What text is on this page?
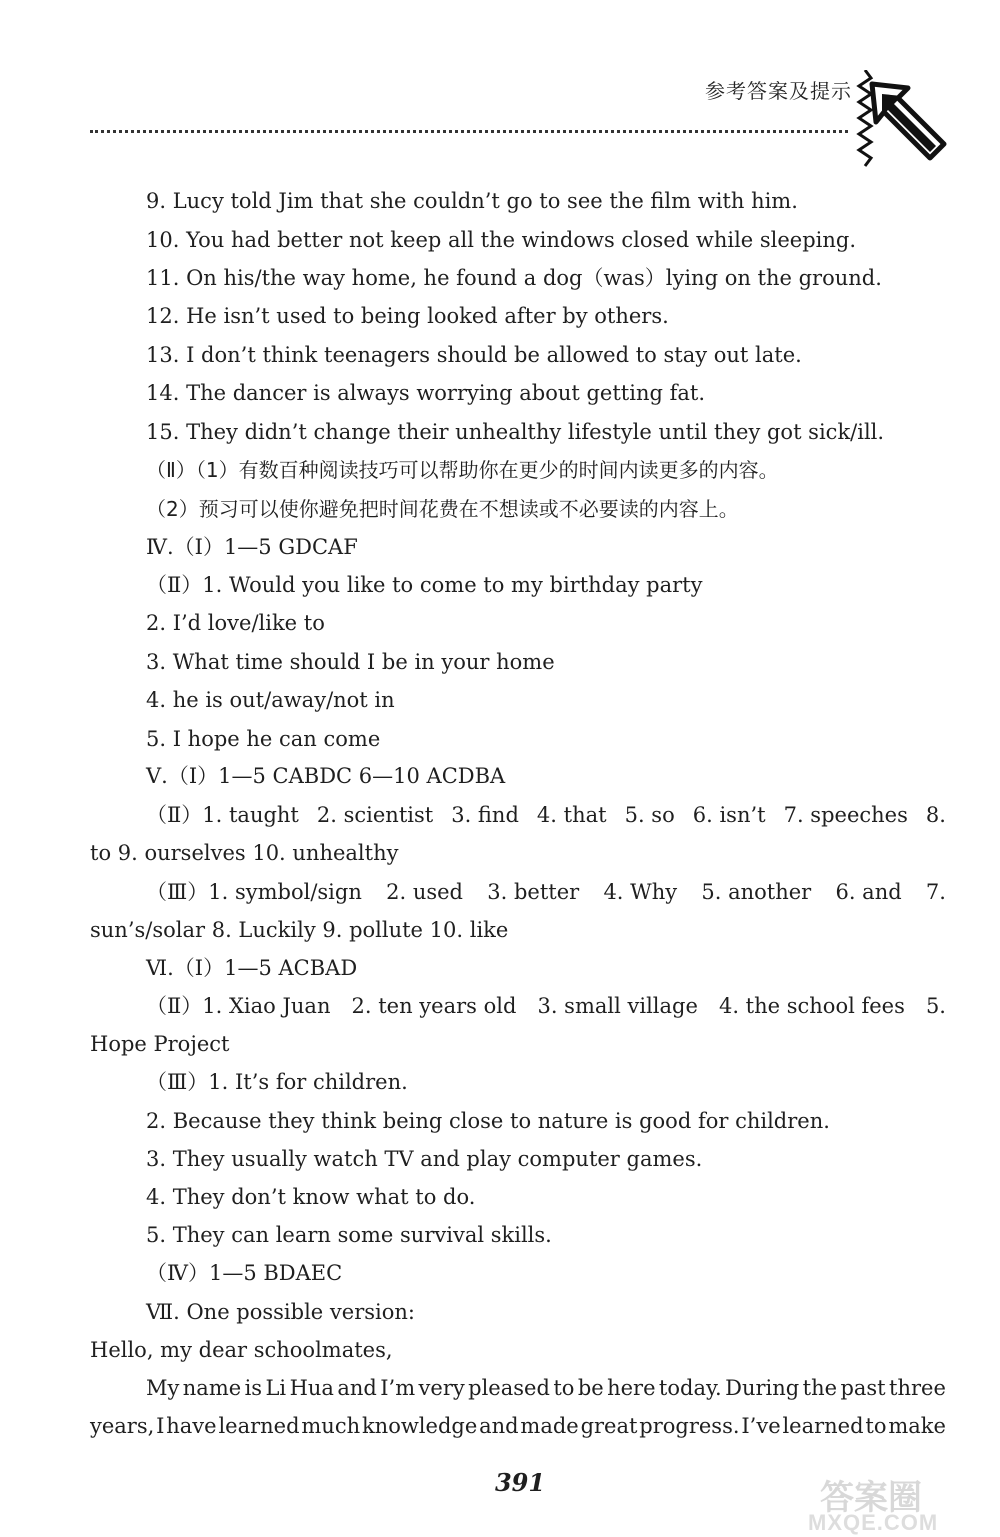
参考答案及提示
9. Lucy told Jim that she couldn’t go to see the film with him.
10. You had better not keep all the windows closed while sleeping.
11. On his/the way home, he found a dog（was）lying on the ground.
12. He isn’t used to being looked after by others.
13. I don’t think teenagers should be allowed to stay out late.
14. The dancer is always worrying about getting fat.
15. They didn’t change their unhealthy lifestyle until they got sick/ill.
（Ⅱ）（1）有数百种阅读技巧可以帮助你在更少的时间内读更多的内容。
（2）预习可以使你避免把时间花费在不想读或不必要读的内容上。
Ⅳ.（Ⅰ）1—5 GDCAF
（Ⅱ）1. Would you like to come to my birthday party
2. I’d love/like to
3. What time should I be in your home
4. he is out/away/not in
5. I hope he can come
Ⅴ.（Ⅰ）1—5 CABDC 6—10 ACDBA
（Ⅱ）1. taught 2. scientist 3. find 4. that 5. so 6. isn’t 7. speeches 8.
to 9. ourselves 10. unhealthy
（Ⅲ）1. symbol/sign 2. used 3. better 4. Why 5. another 6. and 7.
sun’s/solar 8. Luckily 9. pollute 10. like
Ⅵ.（Ⅰ）1—5 ACBAD
（Ⅱ）1. Xiao Juan 2. ten years old 3. small village 4. the school fees 5.
Hope Project
（Ⅲ）1. It’s for children.
2. Because they think being close to nature is good for children.
3. They usually watch TV and play computer games.
4. They don’t know what to do.
5. They can learn some survival skills.
（Ⅳ）1—5 BDAEC
Ⅶ. One possible version:
Hello, my dear schoolmates,
My name is Li Hua and I’m very pleased to be here today. During the past three
years, I have learned much knowledge and made great progress. I’ve learned to make
391	答案圈
MXQE.COM
